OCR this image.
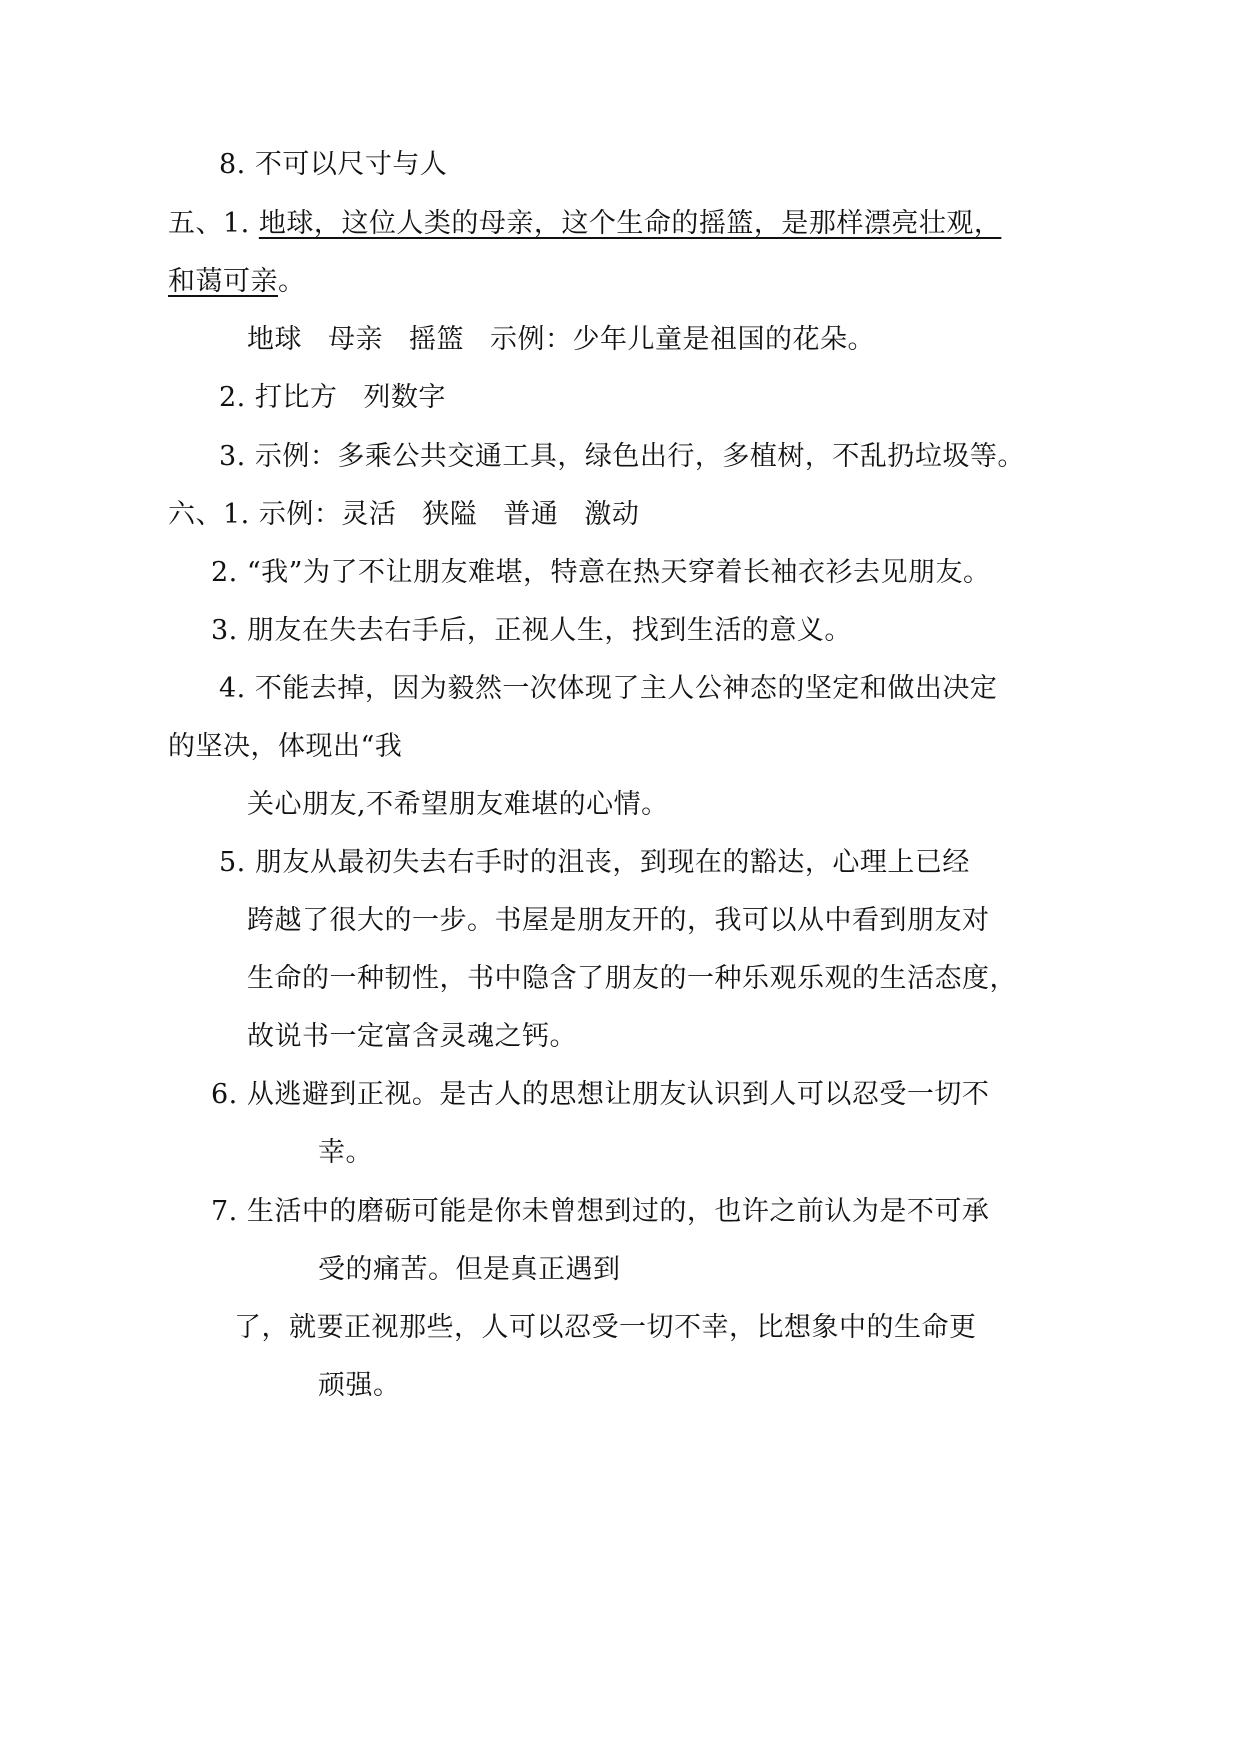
8. 不可以尺寸与人
五、1. 地球，这位人类的母亲，这个生命的摇篮，是那样漂亮壮观，
和蔼可亲。
地球 母亲 摇篮 示例：少年儿童是祖国的花朵。
2. 打比方 列数字
3. 示例：多乘公共交通工具，绿色出行，多植树，不乱扔垃圾等。
六、1. 示例：灵活 狭隘 普通 激动
2. “我”为了不让朋友难堪，特意在热天穿着长袖衣衫去见朋友。
3. 朋友在失去右手后，正视人生，找到生活的意义。
4. 不能去掉，因为毅然一次体现了主人公神态的坚定和做出决定
的坚决，体现出“我
关心朋友,不希望朋友难堪的心情。
5. 朋友从最初失去右手时的沮丧，到现在的豁达，心理上已经
跨越了很大的一步。书屋是朋友开的，我可以从中看到朋友对
生命的一种韧性，书中隐含了朋友的一种乐观乐观的生活态度，
故说书一定富含灵魂之钙。
6. 从逃避到正视。是古人的思想让朋友认识到人可以忍受一切不
幸。
7. 生活中的磨砺可能是你未曾想到过的，也许之前认为是不可承
受的痛苦。但是真正遇到
了，就要正视那些，人可以忍受一切不幸，比想象中的生命更
顽强。
